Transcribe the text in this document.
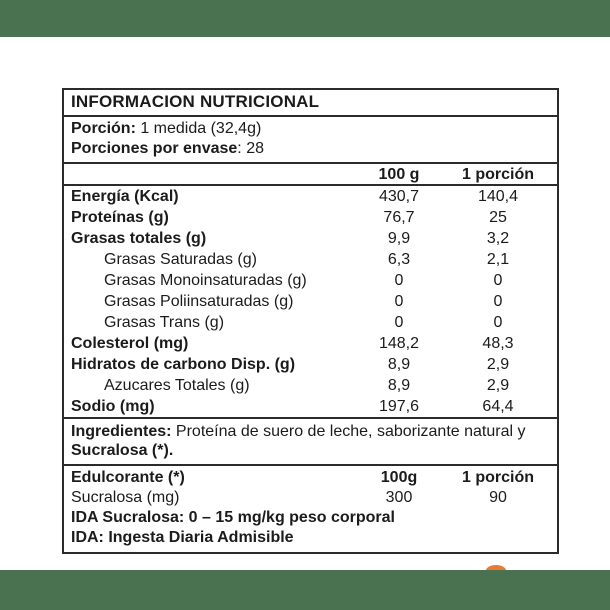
INFORMACION NUTRICIONAL
Porción: 1 medida (32,4g)
Porciones por envase: 28
100 g	1 porción
Energía (Kcal)	430,7	140,4
Proteínas (g)	76,7	25
Grasas totales (g)	9,9	3,2
Grasas Saturadas (g)	6,3	2,1
Grasas Monoinsaturadas (g)	0	0
Grasas Poliinsaturadas (g)	0	0
Grasas Trans (g)	0	0
Colesterol (mg)	148,2	48,3
Hidratos de carbono Disp. (g)	8,9	2,9
Azucares Totales (g)	8,9	2,9
Sodio (mg)	197,6	64,4
Ingredientes: Proteína de suero de leche, saborizante natural y Sucralosa (*).
Edulcorante (*)	100g	1 porción
Sucralosa (mg)	300	90
IDA Sucralosa: 0 – 15 mg/kg peso corporal
IDA: Ingesta Diaria Admisible
